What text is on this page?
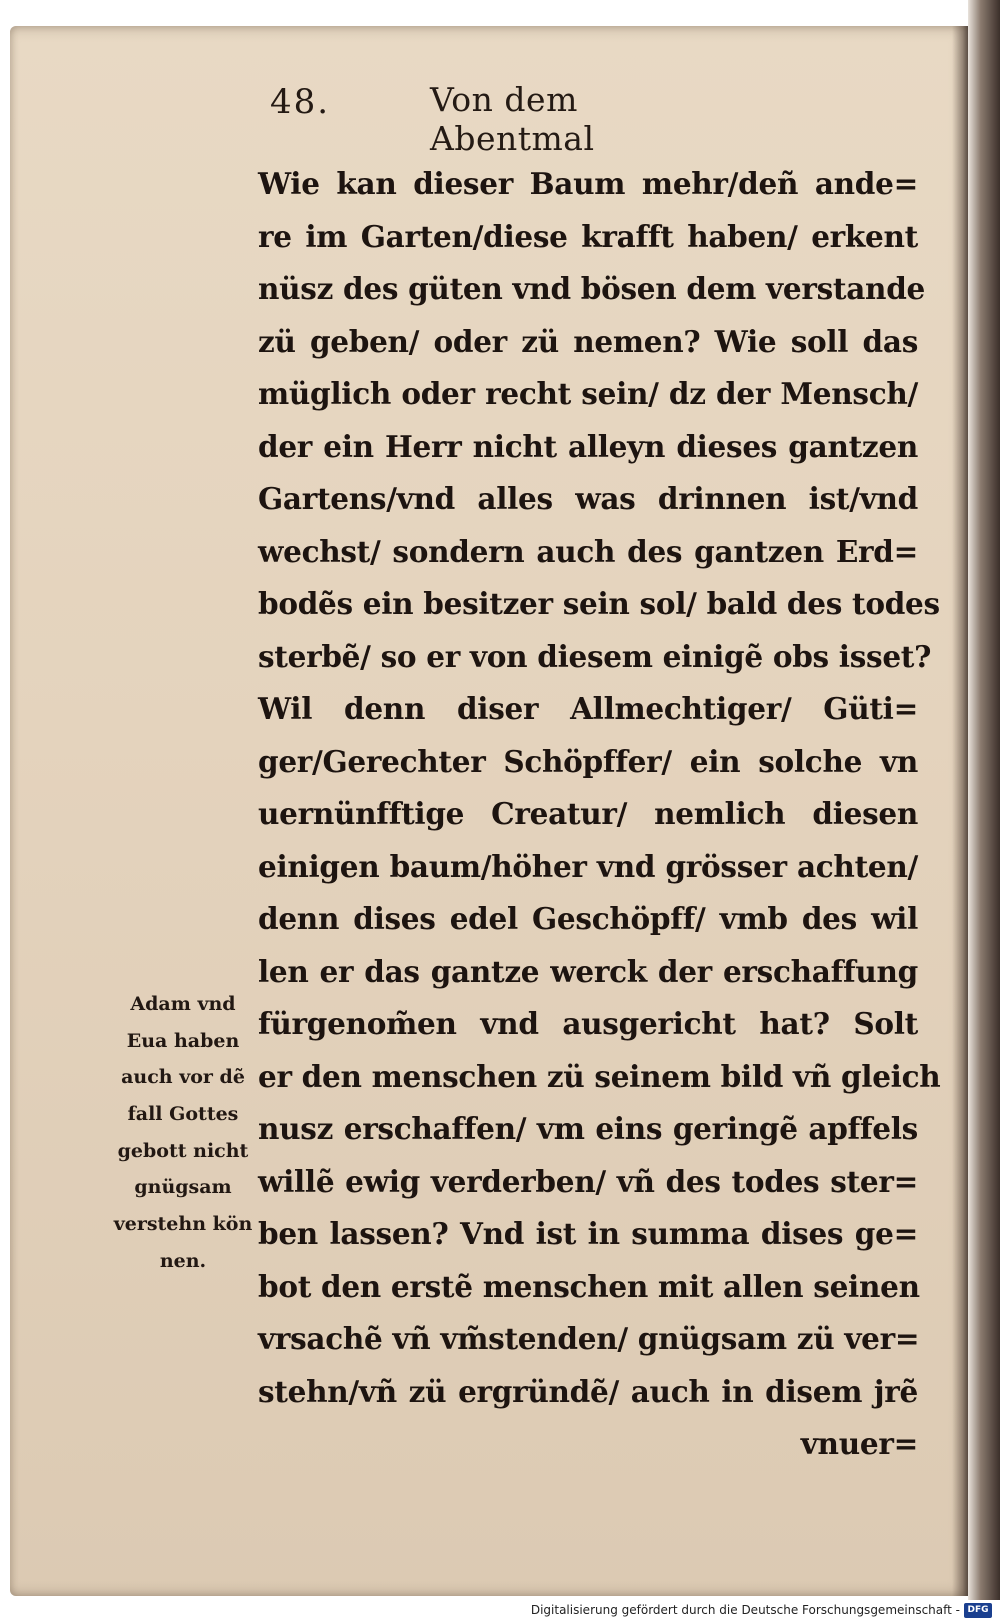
48.	Von dem Abentmal
Wie kan dieser Baum mehr/deñ ande=
re im Garten/diese krafft haben/ erkent
nüsz des güten vnd bösen dem verstande
zü geben/ oder zü nemen? Wie soll das
müglich oder recht sein/ dz der Mensch/
der ein Herr nicht alleyn dieses gantzen
Gartens/vnd alles was drinnen ist/vnd
wechst/ sondern auch des gantzen Erd=
bodẽs ein besitzer sein sol/ bald des todes
sterbẽ/ so er von diesem einigẽ obs isset?
Wil denn diser Allmechtiger/ Güti=
ger/Gerechter Schöpffer/ ein solche vn
uernünfftige Creatur/ nemlich diesen
einigen baum/höher vnd grösser achten/
denn dises edel Geschöpff/ vmb des wil
len er das gantze werck der erschaffung
fürgenom̃en vnd ausgericht hat? Solt
er den menschen zü seinem bild vñ gleich
nusz erschaffen/ vm eins geringẽ apffels
willẽ ewig verderben/ vñ des todes ster=
ben lassen? Vnd ist in summa dises ge=
bot den erstẽ menschen mit allen seinen
vrsachẽ vñ vm̃stenden/ gnügsam zü ver=
stehn/vñ zü ergründẽ/ auch in disem jrẽ
vnuer=
Adam vnd
Eua haben
auch vor dẽ
fall Gottes
gebott nicht
gnügsam
verstehn kön
nen.
Digitalisierung gefördert durch die Deutsche Forschungsgemeinschaft - DFG
